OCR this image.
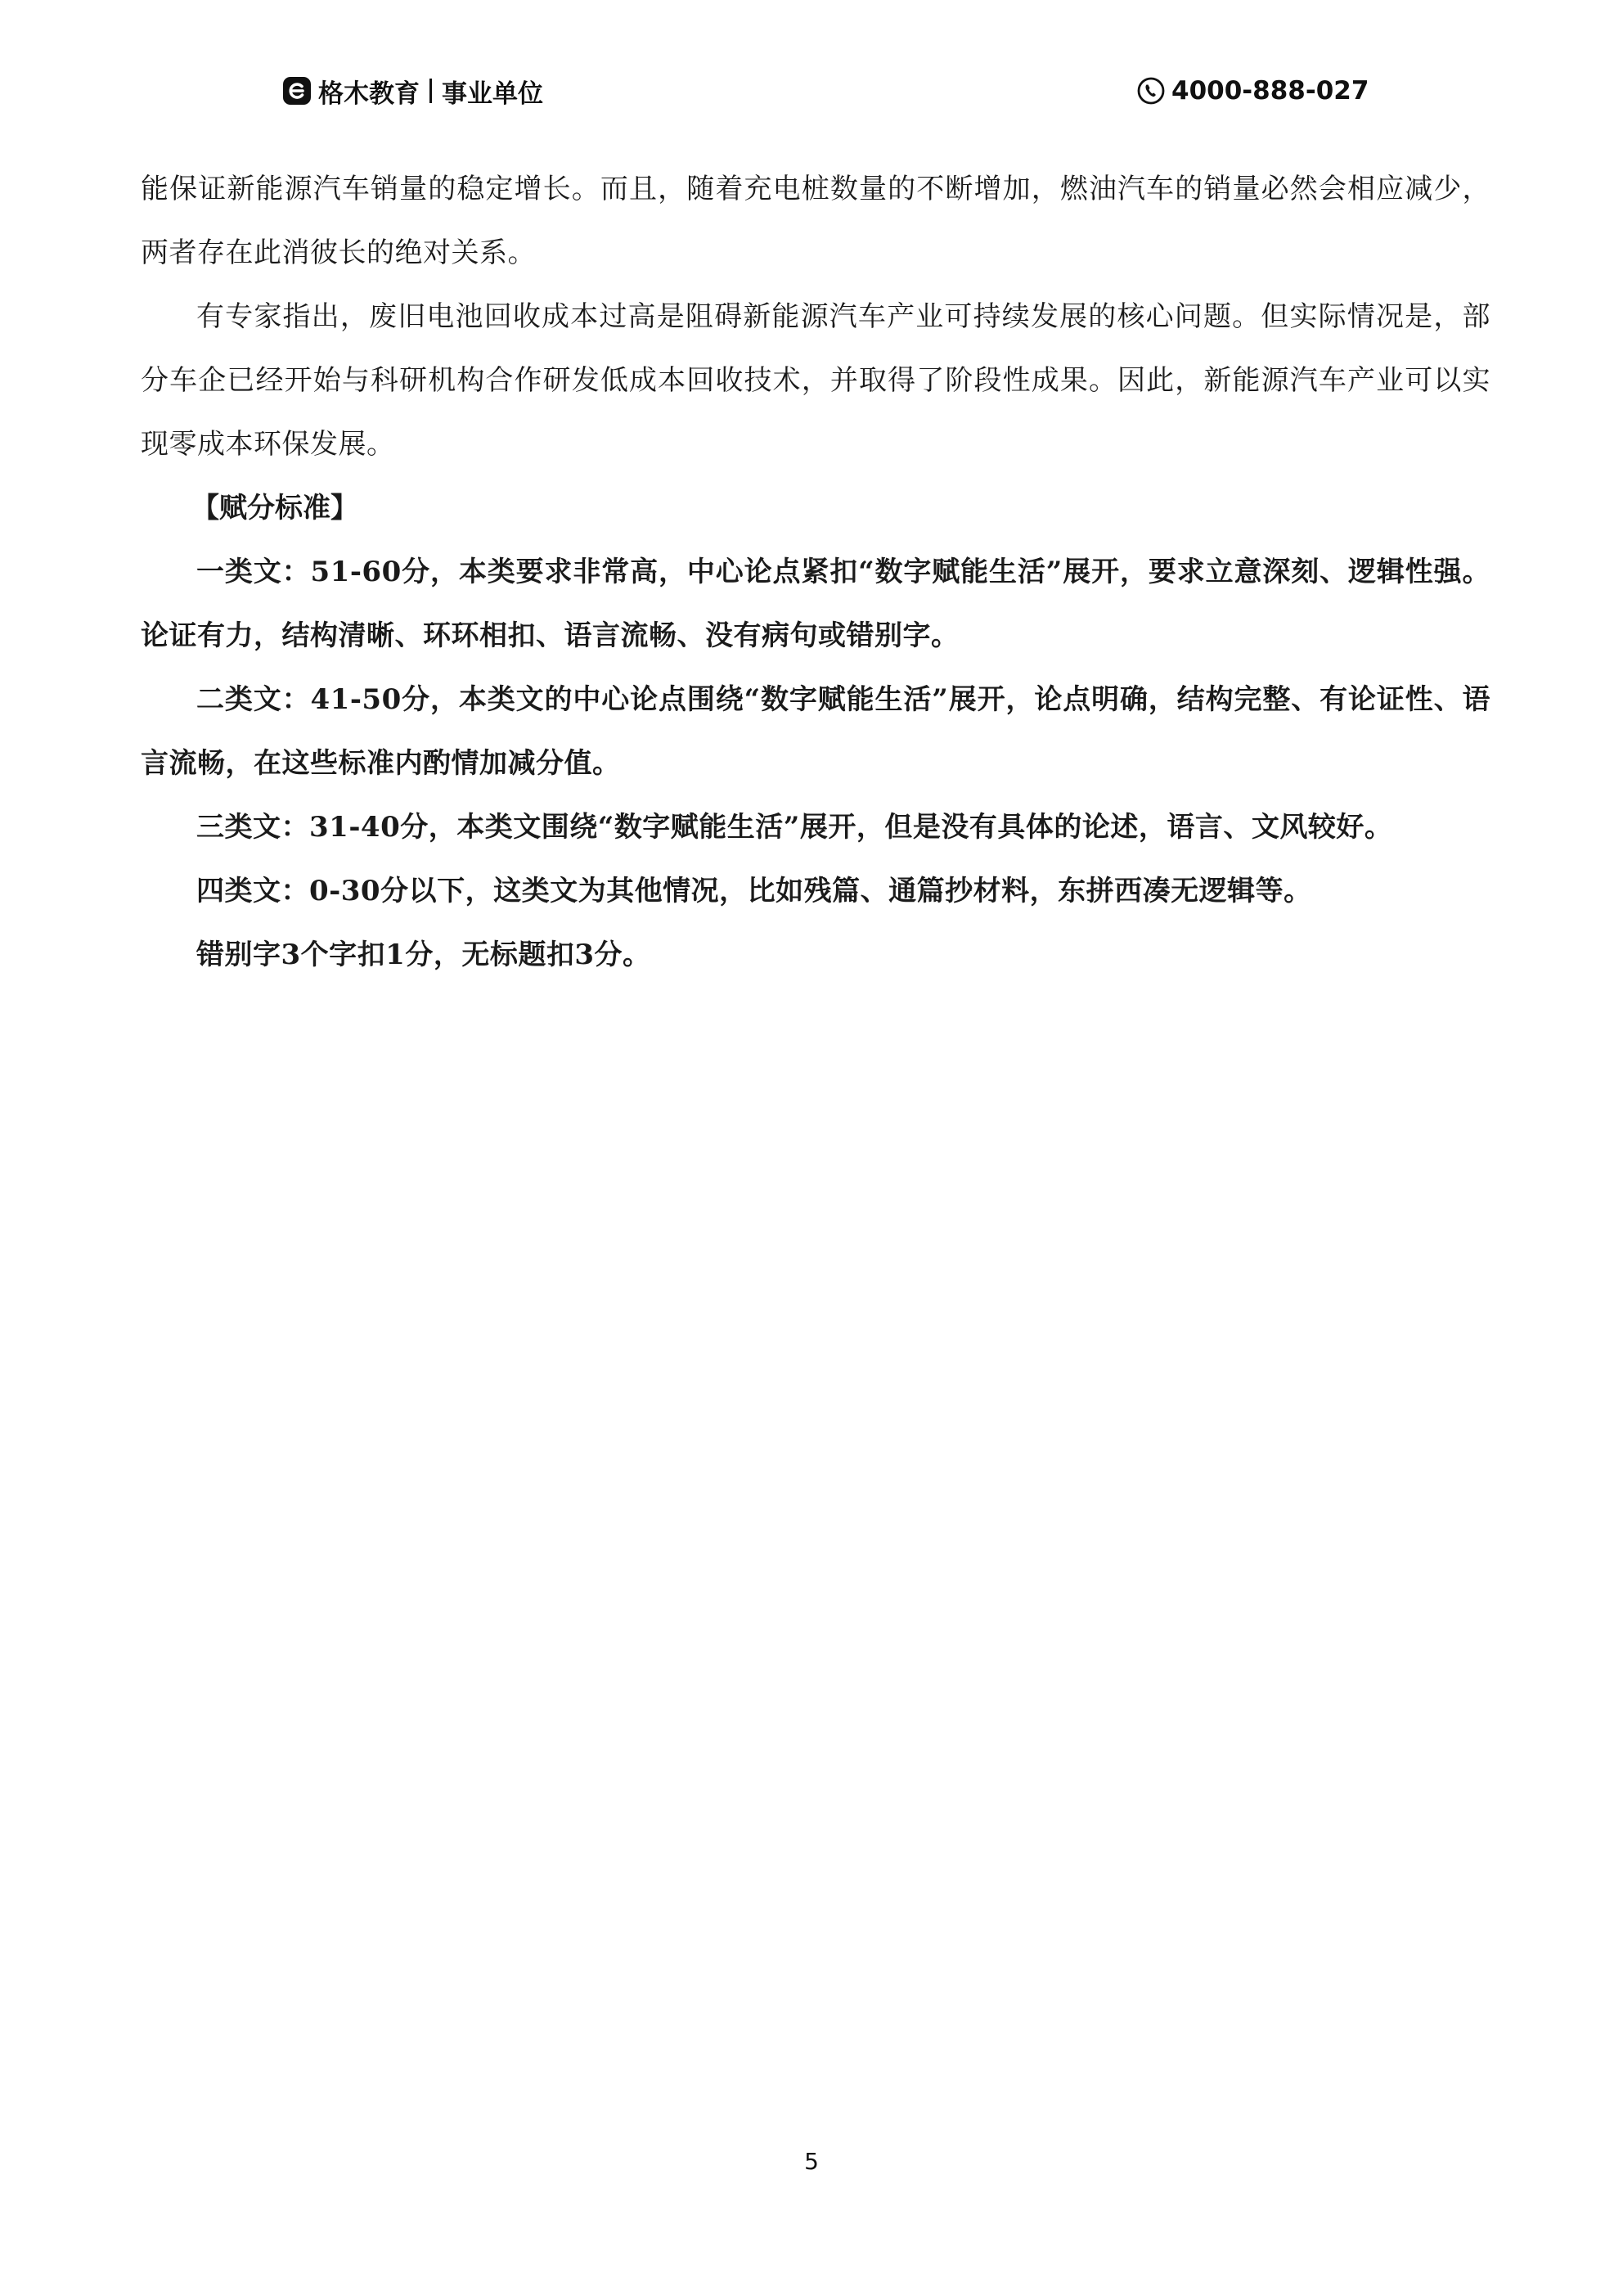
格木教育 事业单位	4000-888-027

能保证新能源汽车销量的稳定增长。而且，随着充电桩数量的不断增加，燃油汽车的销量必然会相应减少，两者存在此消彼长的绝对关系。

有专家指出，废旧电池回收成本过高是阻碍新能源汽车产业可持续发展的核心问题。但实际情况是，部分车企已经开始与科研机构合作研发低成本回收技术，并取得了阶段性成果。因此，新能源汽车产业可以实现零成本环保发展。

【赋分标准】

一类文：51-60分，本类要求非常高，中心论点紧扣“数字赋能生活”展开，要求立意深刻、逻辑性强。论证有力，结构清晰、环环相扣、语言流畅、没有病句或错别字。

二类文：41-50分，本类文的中心论点围绕“数字赋能生活”展开，论点明确，结构完整、有论证性、语言流畅，在这些标准内酌情加减分值。

三类文：31-40分，本类文围绕“数字赋能生活”展开，但是没有具体的论述，语言、文风较好。

四类文：0-30分以下，这类文为其他情况，比如残篇、通篇抄材料，东拼西凑无逻辑等。

错别字3个字扣1分，无标题扣3分。

5
